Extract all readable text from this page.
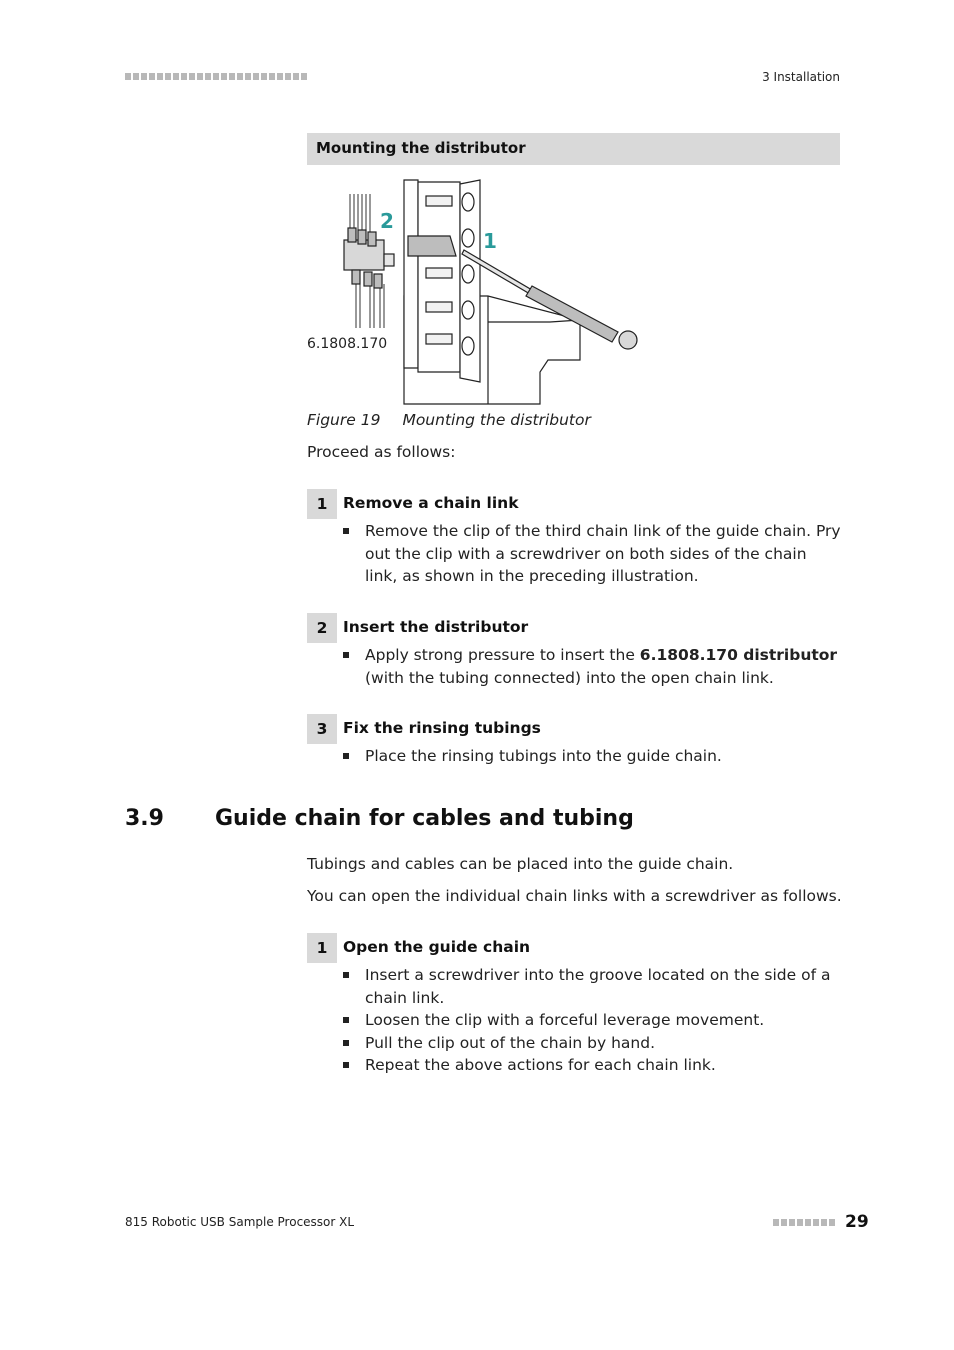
3 Installation
Mounting the distributor
2
1
6.1808.170
Figure 19 Mounting the distributor
Proceed as follows:
1	Remove a chain link
Remove the clip of the third chain link of the guide chain. Pry out the clip with a screwdriver on both sides of the chain link, as shown in the preceding illustration.
2	Insert the distributor
Apply strong pressure to insert the 6.1808.170 distributor (with the tubing connected) into the open chain link.
3	Fix the rinsing tubings
Place the rinsing tubings into the guide chain.
3.9 Guide chain for cables and tubing
Tubings and cables can be placed into the guide chain.
You can open the individual chain links with a screwdriver as follows.
1	Open the guide chain
Insert a screwdriver into the groove located on the side of a chain link.
Loosen the clip with a forceful leverage movement.
Pull the clip out of the chain by hand.
Repeat the above actions for each chain link.
815 Robotic USB Sample Processor XL	29
